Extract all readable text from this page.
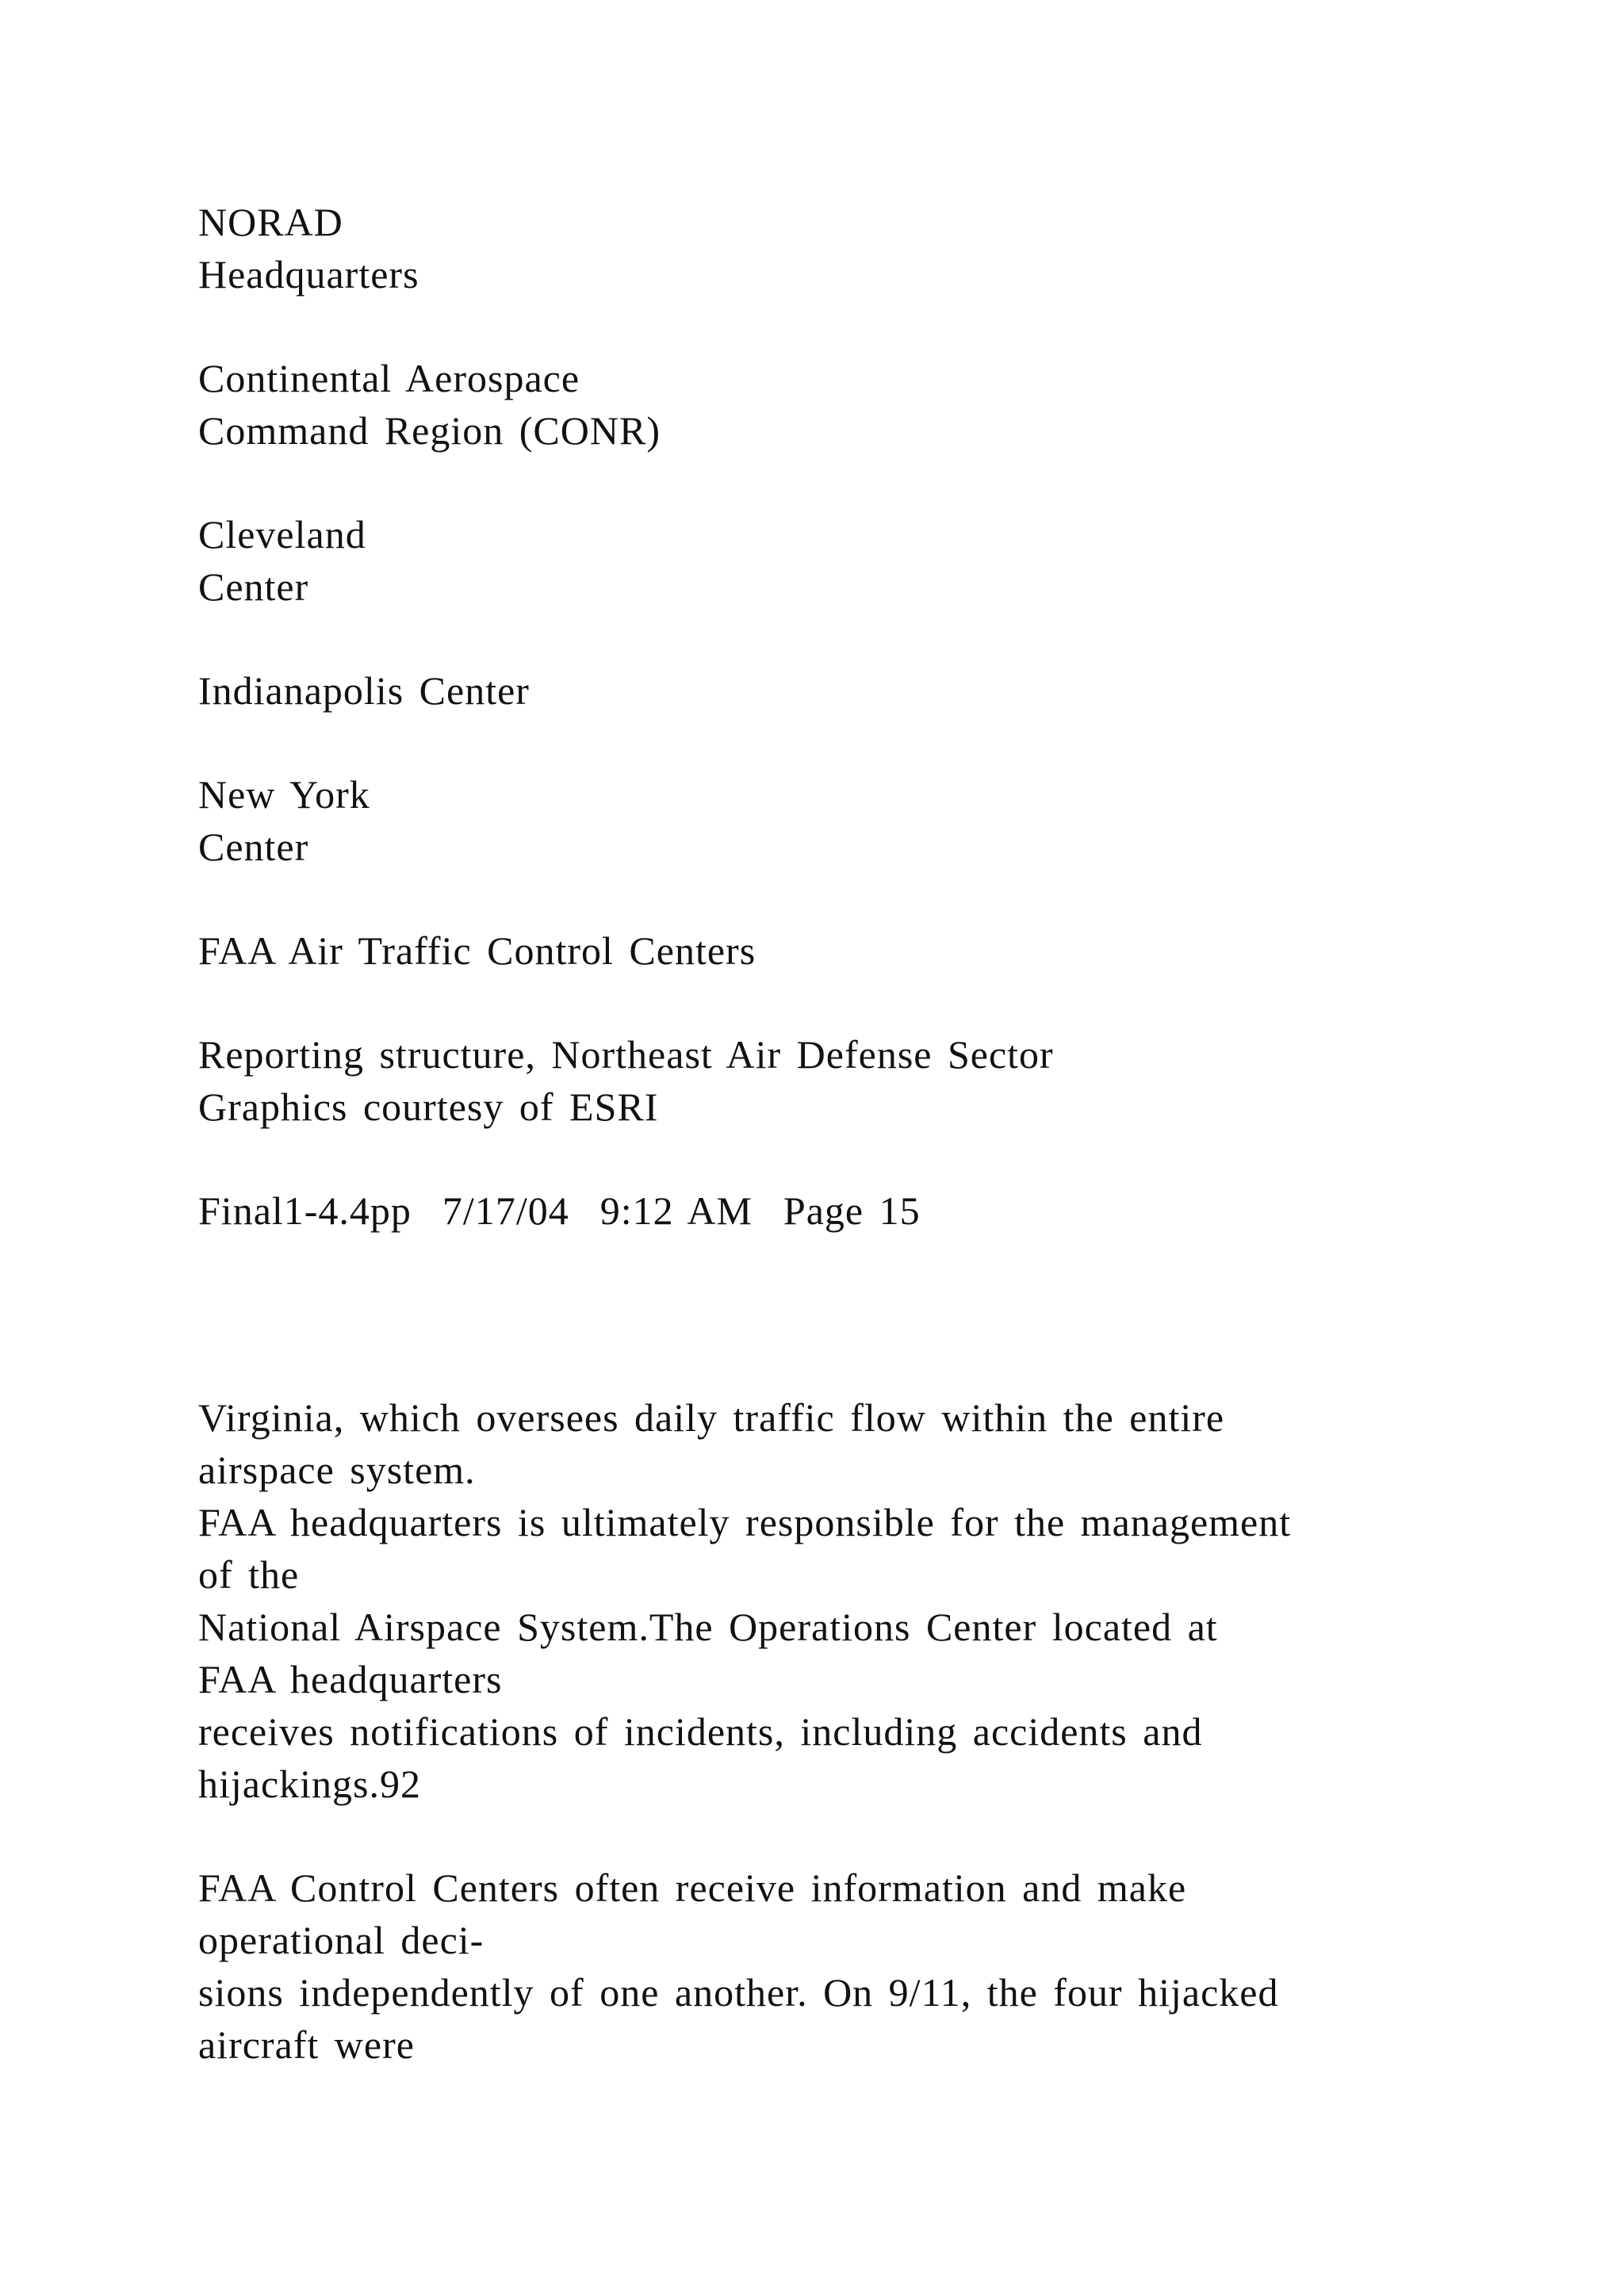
NORAD

Headquarters

Continental Aerospace

Command Region (CONR)

Cleveland

Center

Indianapolis Center

New York

Center

FAA Air Traffic Control Centers

Reporting structure, Northeast Air Defense Sector

Graphics courtesy of ESRI

Final1-4.4pp  7/17/04  9:12 AM  Page 15

Virginia, which oversees daily traffic flow within the entire

airspace system.

FAA headquarters is ultimately responsible for the management

of the

National Airspace System.The Operations Center located at

FAA headquarters

receives notifications of incidents, including accidents and

hijackings.92

FAA Control Centers often receive information and make

operational deci-

sions independently of one another. On 9/11, the four hijacked

aircraft were
